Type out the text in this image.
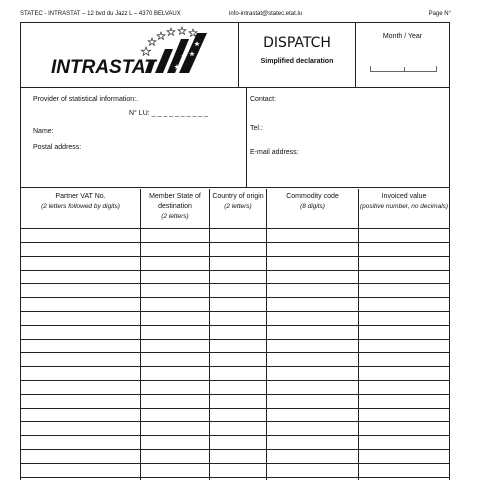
STATEC - INTRASTAT – 12 bvd du Jazz L – 4370 BELVAUX	info-intrastat@statec.etat.lu	Page N°
INTRASTAT
DISPATCH
Simplified declaration
Month / Year
Provider of statistical information:.
N° LU: _ _ _ _ _ _ _ _ _ _
Name:
Postal address:
Contact:
Tel.:
E-mail address:
Partner VAT No.
(2 letters followed by digits)
Member State of destination
(2 letters)
Country of origin
(2 letters)
Commodity code
(8 digits)
Invoiced value
(positive number, no decimals)
